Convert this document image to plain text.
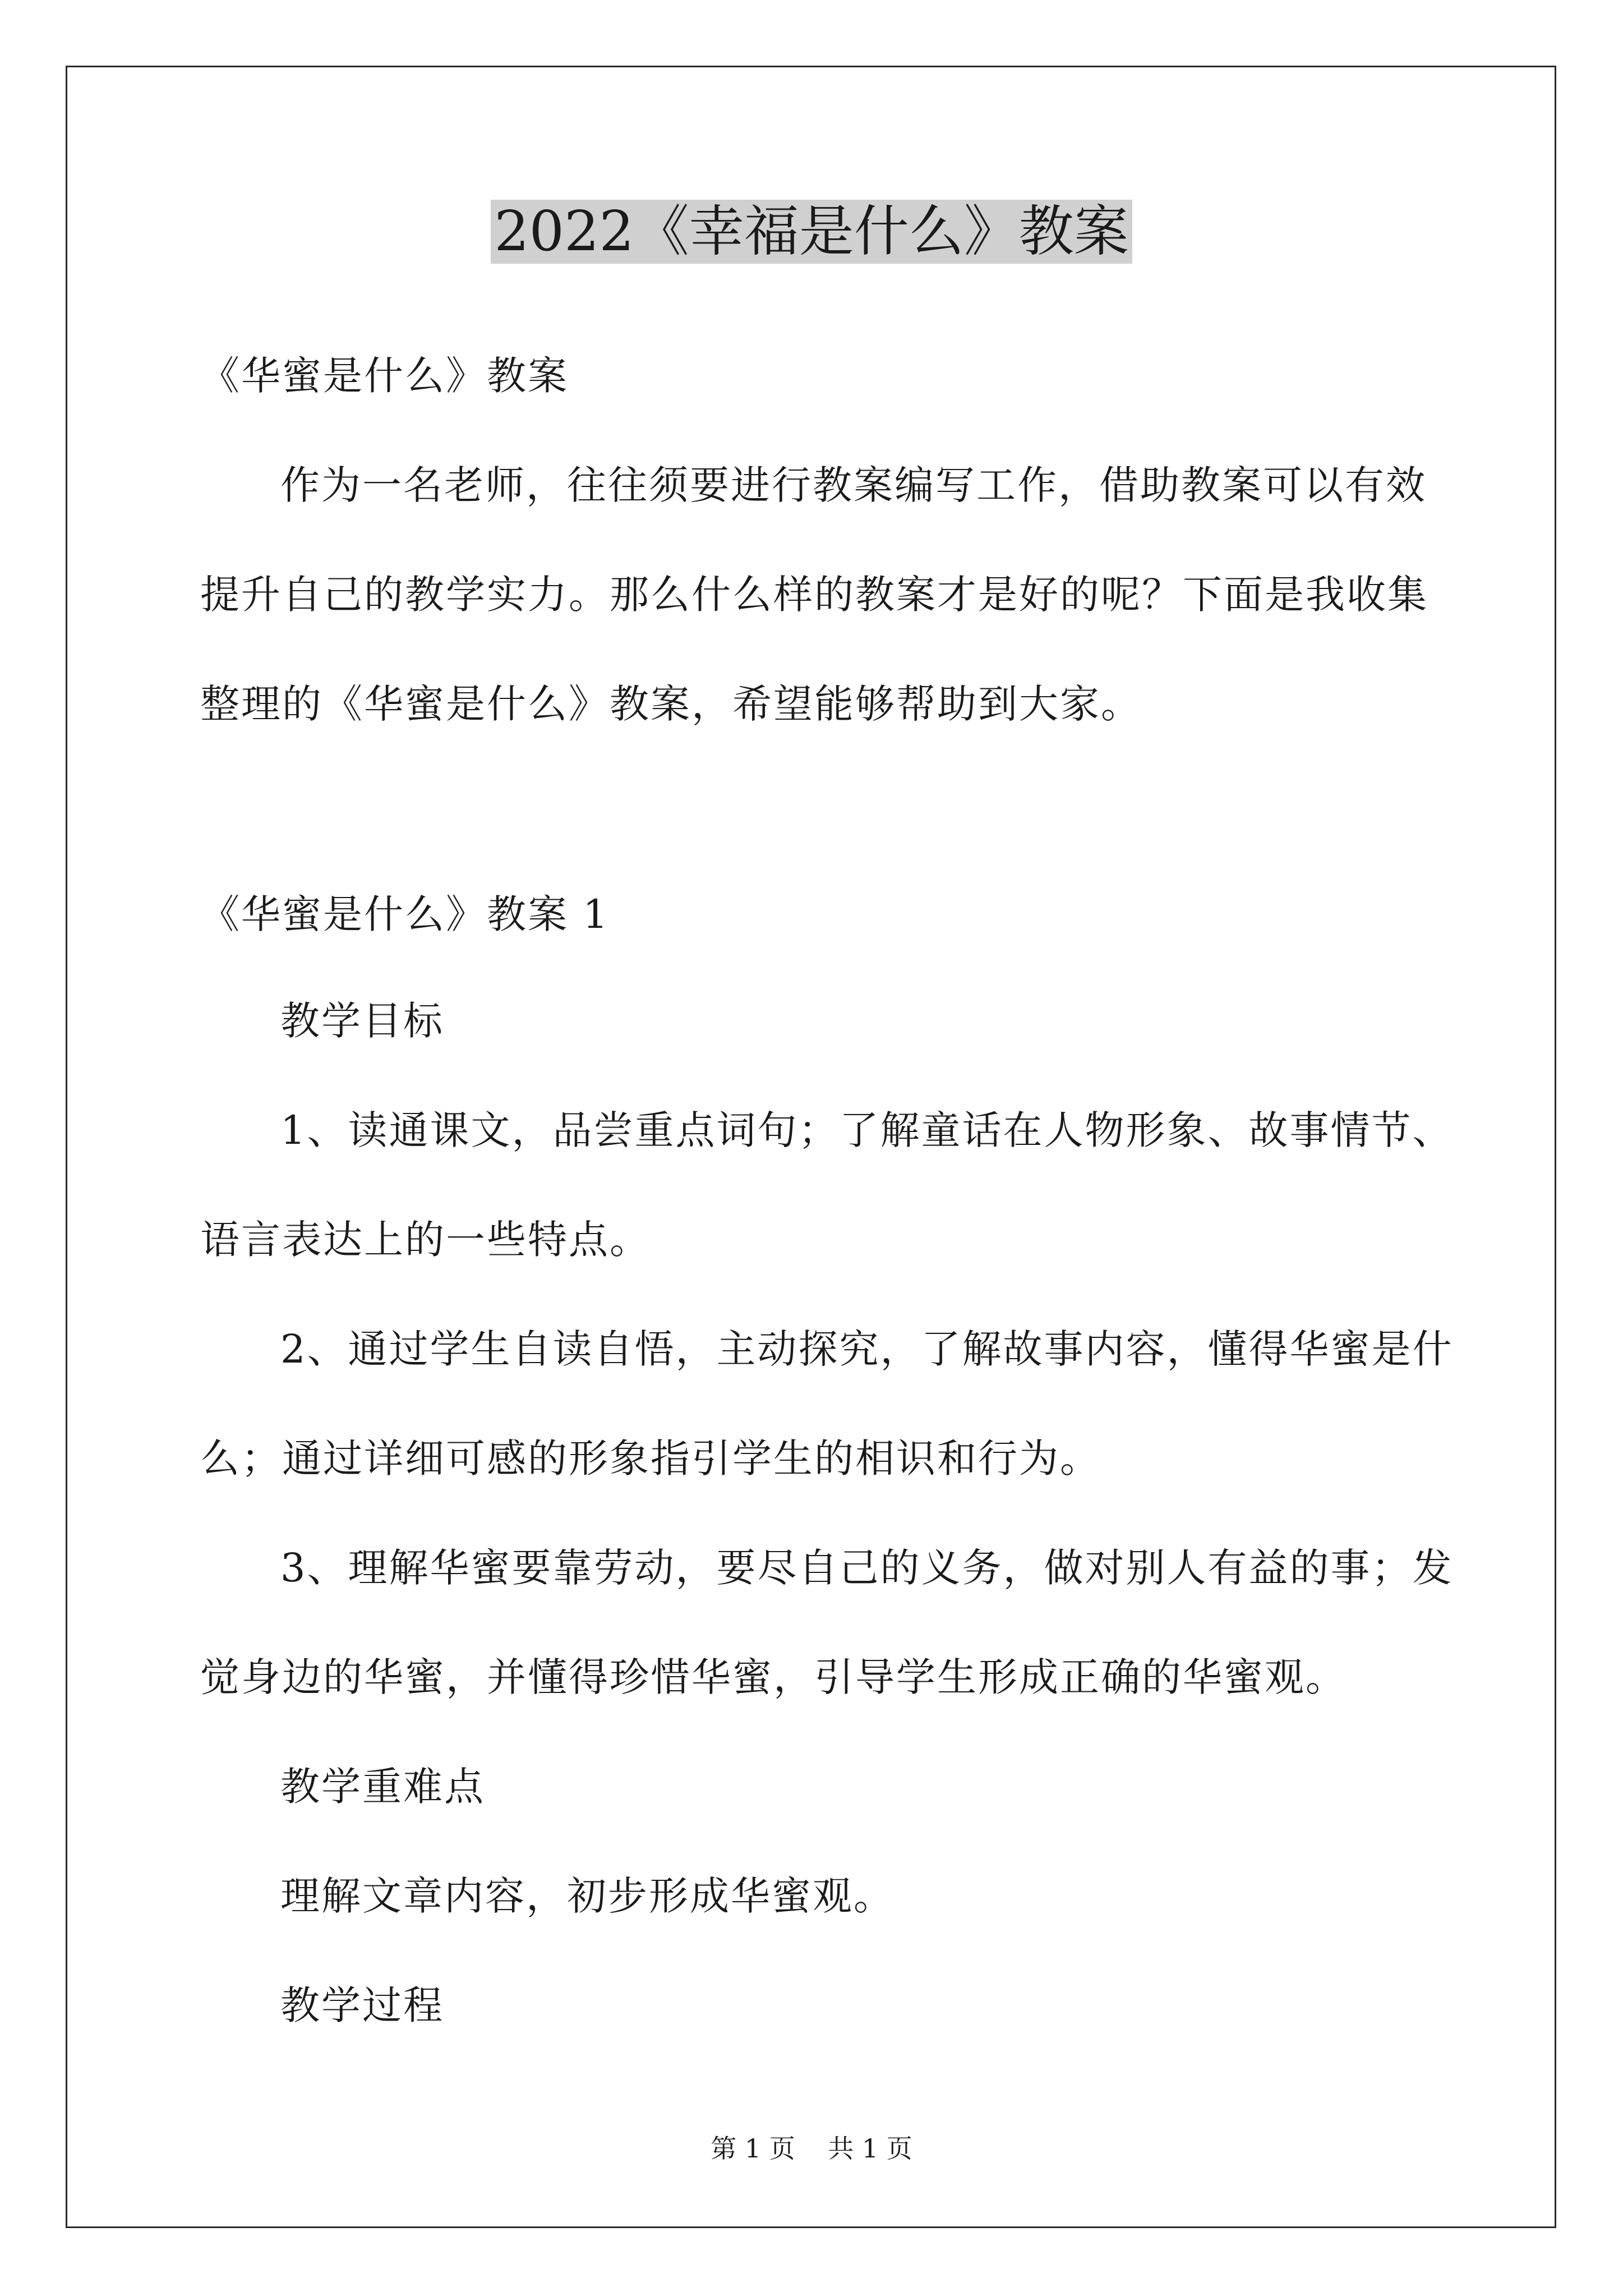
2022《幸福是什么》教案
《华蜜是什么》教案
作为一名老师，往往须要进行教案编写工作，借助教案可以有效
提升自己的教学实力。那么什么样的教案才是好的呢？下面是我收集
整理的《华蜜是什么》教案，希望能够帮助到大家。
《华蜜是什么》教案 1
教学目标
1、读通课文，品尝重点词句；了解童话在人物形象、故事情节、
语言表达上的一些特点。
2、通过学生自读自悟，主动探究，了解故事内容，懂得华蜜是什
么；通过详细可感的形象指引学生的相识和行为。
3、理解华蜜要靠劳动，要尽自己的义务，做对别人有益的事；发
觉身边的华蜜，并懂得珍惜华蜜，引导学生形成正确的华蜜观。
教学重难点
理解文章内容，初步形成华蜜观。
教学过程
第 1 页    共 1 页
